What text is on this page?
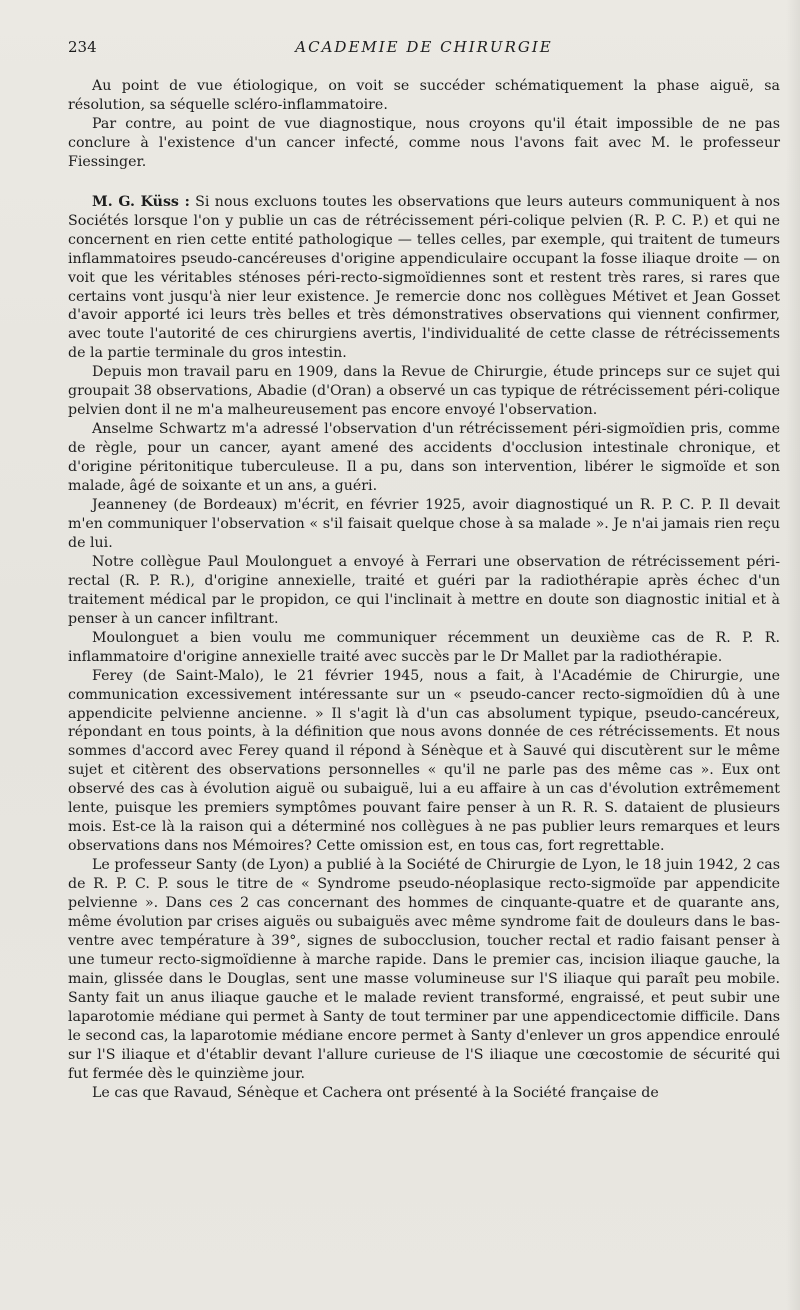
234	ACADEMIE DE CHIRURGIE

Au point de vue étiologique, on voit se succéder schématiquement la phase aiguë, sa résolution, sa séquelle scléro-inflammatoire.

Par contre, au point de vue diagnostique, nous croyons qu'il était impossible de ne pas conclure à l'existence d'un cancer infecté, comme nous l'avons fait avec M. le professeur Fiessinger.

M. G. Küss : Si nous excluons toutes les observations que leurs auteurs communiquent à nos Sociétés lorsque l'on y publie un cas de rétrécissement péri-colique pelvien (R. P. C. P.) et qui ne concernent en rien cette entité pathologique — telles celles, par exemple, qui traitent de tumeurs inflammatoires pseudo-cancéreuses d'origine appendiculaire occupant la fosse iliaque droite — on voit que les véritables sténoses péri-recto-sigmoïdiennes sont et restent très rares, si rares que certains vont jusqu'à nier leur existence. Je remercie donc nos collègues Métivet et Jean Gosset d'avoir apporté ici leurs très belles et très démonstratives observations qui viennent confirmer, avec toute l'autorité de ces chirurgiens avertis, l'individualité de cette classe de rétrécissements de la partie terminale du gros intestin.

Depuis mon travail paru en 1909, dans la Revue de Chirurgie, étude princeps sur ce sujet qui groupait 38 observations, Abadie (d'Oran) a observé un cas typique de rétrécissement péri-colique pelvien dont il ne m'a malheureusement pas encore envoyé l'observation.

Anselme Schwartz m'a adressé l'observation d'un rétrécissement péri-sigmoïdien pris, comme de règle, pour un cancer, ayant amené des accidents d'occlusion intestinale chronique, et d'origine péritonitique tuberculeuse. Il a pu, dans son intervention, libérer le sigmoïde et son malade, âgé de soixante et un ans, a guéri.

Jeanneney (de Bordeaux) m'écrit, en février 1925, avoir diagnostiqué un R. P. C. P. Il devait m'en communiquer l'observation « s'il faisait quelque chose à sa malade ». Je n'ai jamais rien reçu de lui.

Notre collègue Paul Moulonguet a envoyé à Ferrari une observation de rétrécissement péri-rectal (R. P. R.), d'origine annexielle, traité et guéri par la radiothérapie après échec d'un traitement médical par le propidon, ce qui l'inclinait à mettre en doute son diagnostic initial et à penser à un cancer infiltrant.

Moulonguet a bien voulu me communiquer récemment un deuxième cas de R. P. R. inflammatoire d'origine annexielle traité avec succès par le Dr Mallet par la radiothérapie.

Ferey (de Saint-Malo), le 21 février 1945, nous a fait, à l'Académie de Chirurgie, une communication excessivement intéressante sur un « pseudo-cancer recto-sigmoïdien dû à une appendicite pelvienne ancienne. » Il s'agit là d'un cas absolument typique, pseudo-cancéreux, répondant en tous points, à la définition que nous avons donnée de ces rétrécissements. Et nous sommes d'accord avec Ferey quand il répond à Sénèque et à Sauvé qui discutèrent sur le même sujet et citèrent des observations personnelles « qu'il ne parle pas des même cas ». Eux ont observé des cas à évolution aiguë ou subaiguë, lui a eu affaire à un cas d'évolution extrêmement lente, puisque les premiers symptômes pouvant faire penser à un R. R. S. dataient de plusieurs mois. Est-ce là la raison qui a déterminé nos collègues à ne pas publier leurs remarques et leurs observations dans nos Mémoires? Cette omission est, en tous cas, fort regrettable.

Le professeur Santy (de Lyon) a publié à la Société de Chirurgie de Lyon, le 18 juin 1942, 2 cas de R. P. C. P. sous le titre de « Syndrome pseudo-néoplasique recto-sigmoïde par appendicite pelvienne ». Dans ces 2 cas concernant des hommes de cinquante-quatre et de quarante ans, même évolution par crises aiguës ou subaiguës avec même syndrome fait de douleurs dans le bas-ventre avec température à 39°, signes de subocclusion, toucher rectal et radio faisant penser à une tumeur recto-sigmoïdienne à marche rapide. Dans le premier cas, incision iliaque gauche, la main, glissée dans le Douglas, sent une masse volumineuse sur l'S iliaque qui paraît peu mobile. Santy fait un anus iliaque gauche et le malade revient transformé, engraissé, et peut subir une laparotomie médiane qui permet à Santy de tout terminer par une appendicectomie difficile. Dans le second cas, la laparotomie médiane encore permet à Santy d'enlever un gros appendice enroulé sur l'S iliaque et d'établir devant l'allure curieuse de l'S iliaque une cœcostomie de sécurité qui fut fermée dès le quinzième jour.

Le cas que Ravaud, Sénèque et Cachera ont présenté à la Société française de
